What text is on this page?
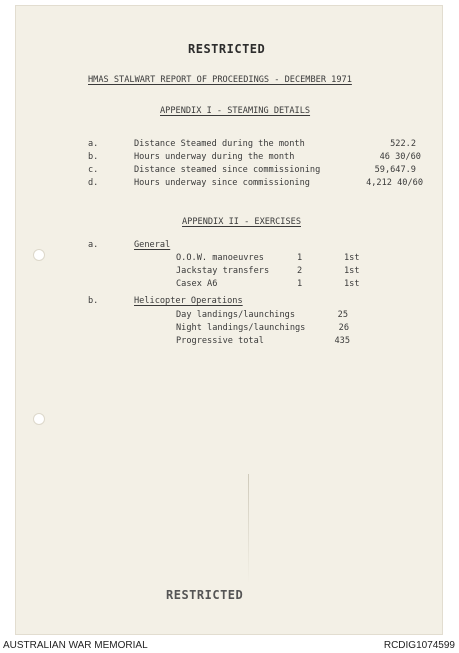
RESTRICTED
HMAS STALWART REPORT OF PROCEEDINGS - DECEMBER 1971
APPENDIX I - STEAMING DETAILS
a.	Distance Steamed during the month	522.2
b.	Hours underway during the month	46 30/60
c.	Distance steamed since commissioning	59,647.9
d.	Hours underway since commissioning	4,212 40/60
APPENDIX II - EXERCISES
a.	General
O.O.W. manoeuvres	1	1st
Jackstay transfers	2	1st
Casex A6	1	1st
b.	Helicopter Operations
Day landings/launchings	25
Night landings/launchings	26
Progressive total	435
RESTRICTED
AUSTRALIAN WAR MEMORIAL	RCDIG1074599
